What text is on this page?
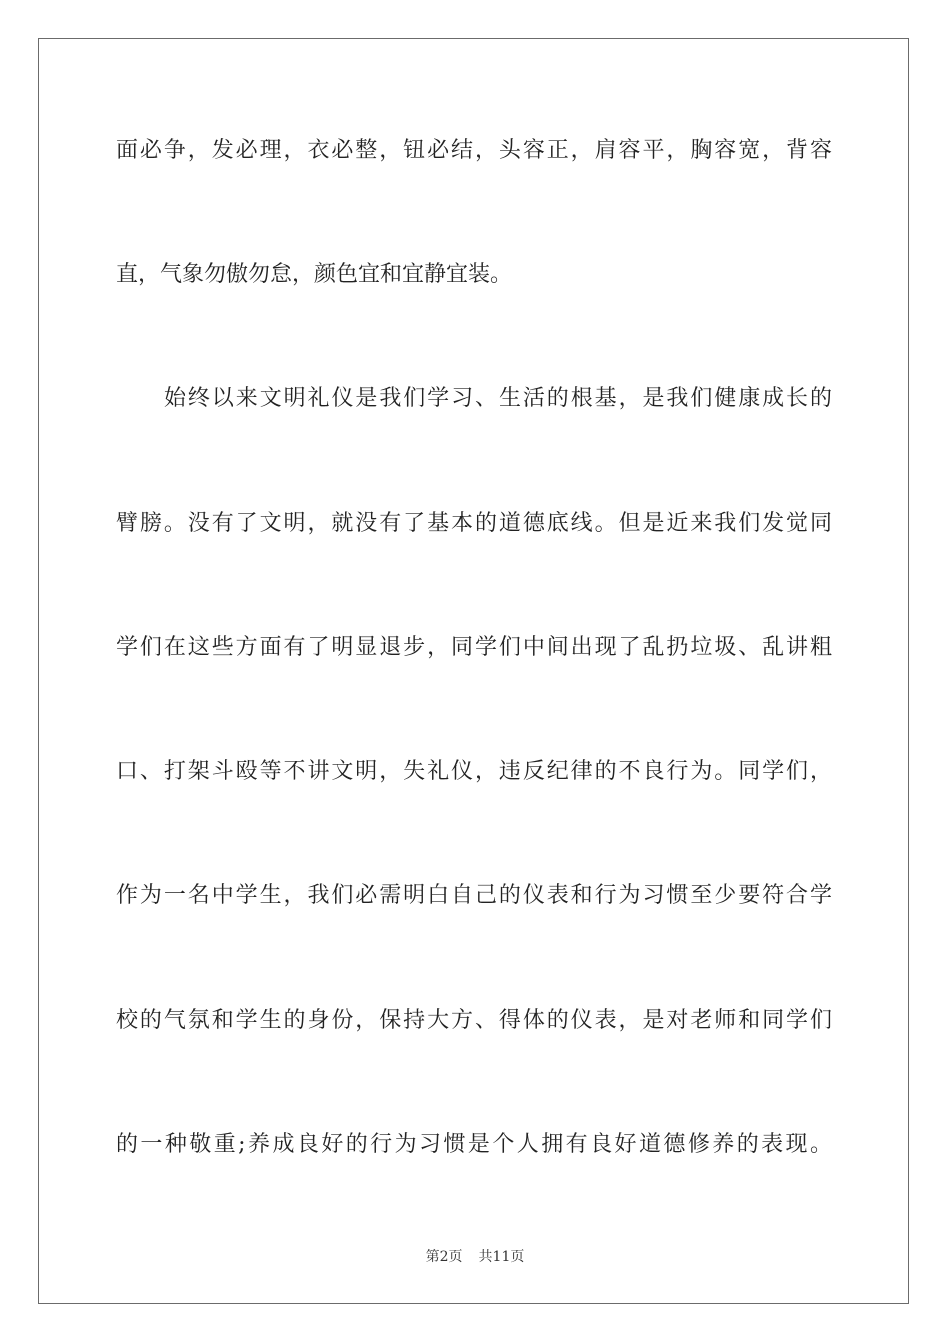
面必争，发必理，衣必整，钮必结，头容正，肩容平，胸容宽，背容
直，气象勿傲勿怠，颜色宜和宜静宜装。
始终以来文明礼仪是我们学习、生活的根基，是我们健康成长的
臂膀。没有了文明，就没有了基本的道德底线。但是近来我们发觉同
学们在这些方面有了明显退步，同学们中间出现了乱扔垃圾、乱讲粗
口、打架斗殴等不讲文明，失礼仪，违反纪律的不良行为。同学们，
作为一名中学生，我们必需明白自己的仪表和行为习惯至少要符合学
校的气氛和学生的身份，保持大方、得体的仪表，是对老师和同学们
的一种敬重;养成良好的行为习惯是个人拥有良好道德修养的表现。
第2页 共11页
